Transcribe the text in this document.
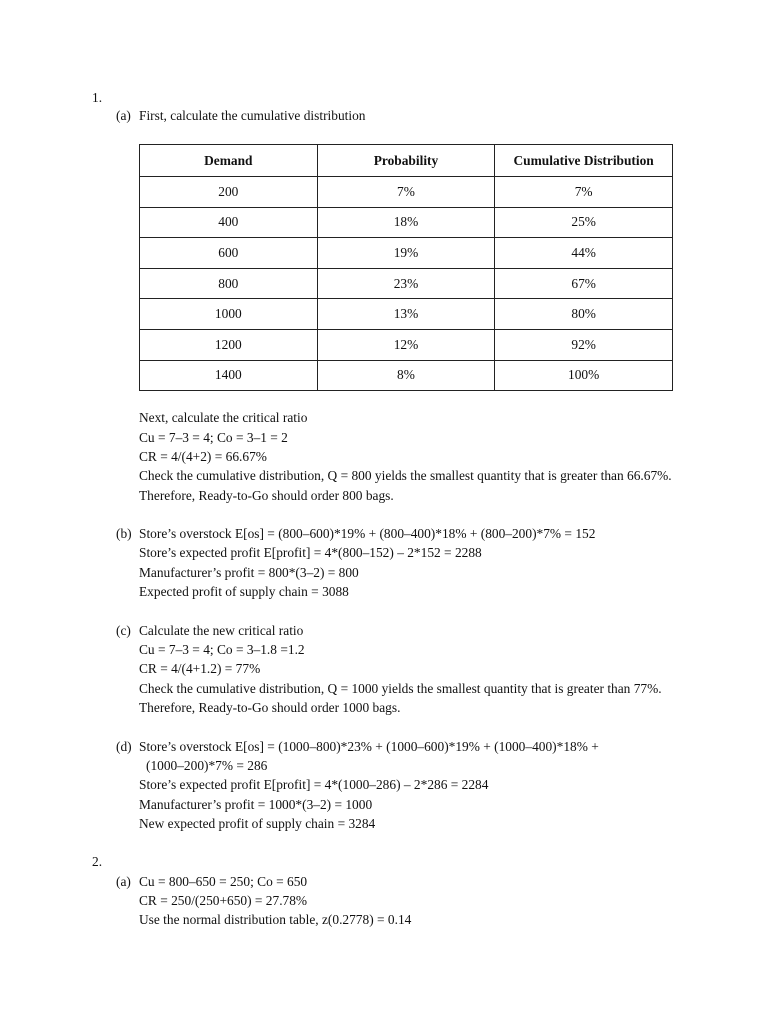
1.
(a) First, calculate the cumulative distribution
Demand	Probability	Cumulative Distribution
200	7%	7%
400	18%	25%
600	19%	44%
800	23%	67%
1000	13%	80%
1200	12%	92%
1400	8%	100%
Next, calculate the critical ratio
Cu = 7–3 = 4; Co = 3–1 = 2
CR = 4/(4+2) = 66.67%
Check the cumulative distribution, Q = 800 yields the smallest quantity that is greater than 66.67%.
Therefore, Ready-to-Go should order 800 bags.
(b) Store’s overstock E[os] = (800–600)*19% + (800–400)*18% + (800–200)*7% = 152
Store’s expected profit E[profit] = 4*(800–152) – 2*152 = 2288
Manufacturer’s profit = 800*(3–2) = 800
Expected profit of supply chain = 3088
(c) Calculate the new critical ratio
Cu = 7–3 = 4; Co = 3–1.8 =1.2
CR = 4/(4+1.2) = 77%
Check the cumulative distribution, Q = 1000 yields the smallest quantity that is greater than 77%.
Therefore, Ready-to-Go should order 1000 bags.
(d) Store’s overstock E[os] = (1000–800)*23% + (1000–600)*19% + (1000–400)*18% +
(1000–200)*7% = 286
Store’s expected profit E[profit] = 4*(1000–286) – 2*286 = 2284
Manufacturer’s profit = 1000*(3–2) = 1000
New expected profit of supply chain = 3284
2.
(a) Cu = 800–650 = 250; Co = 650
CR = 250/(250+650) = 27.78%
Use the normal distribution table, z(0.2778) = 0.14
